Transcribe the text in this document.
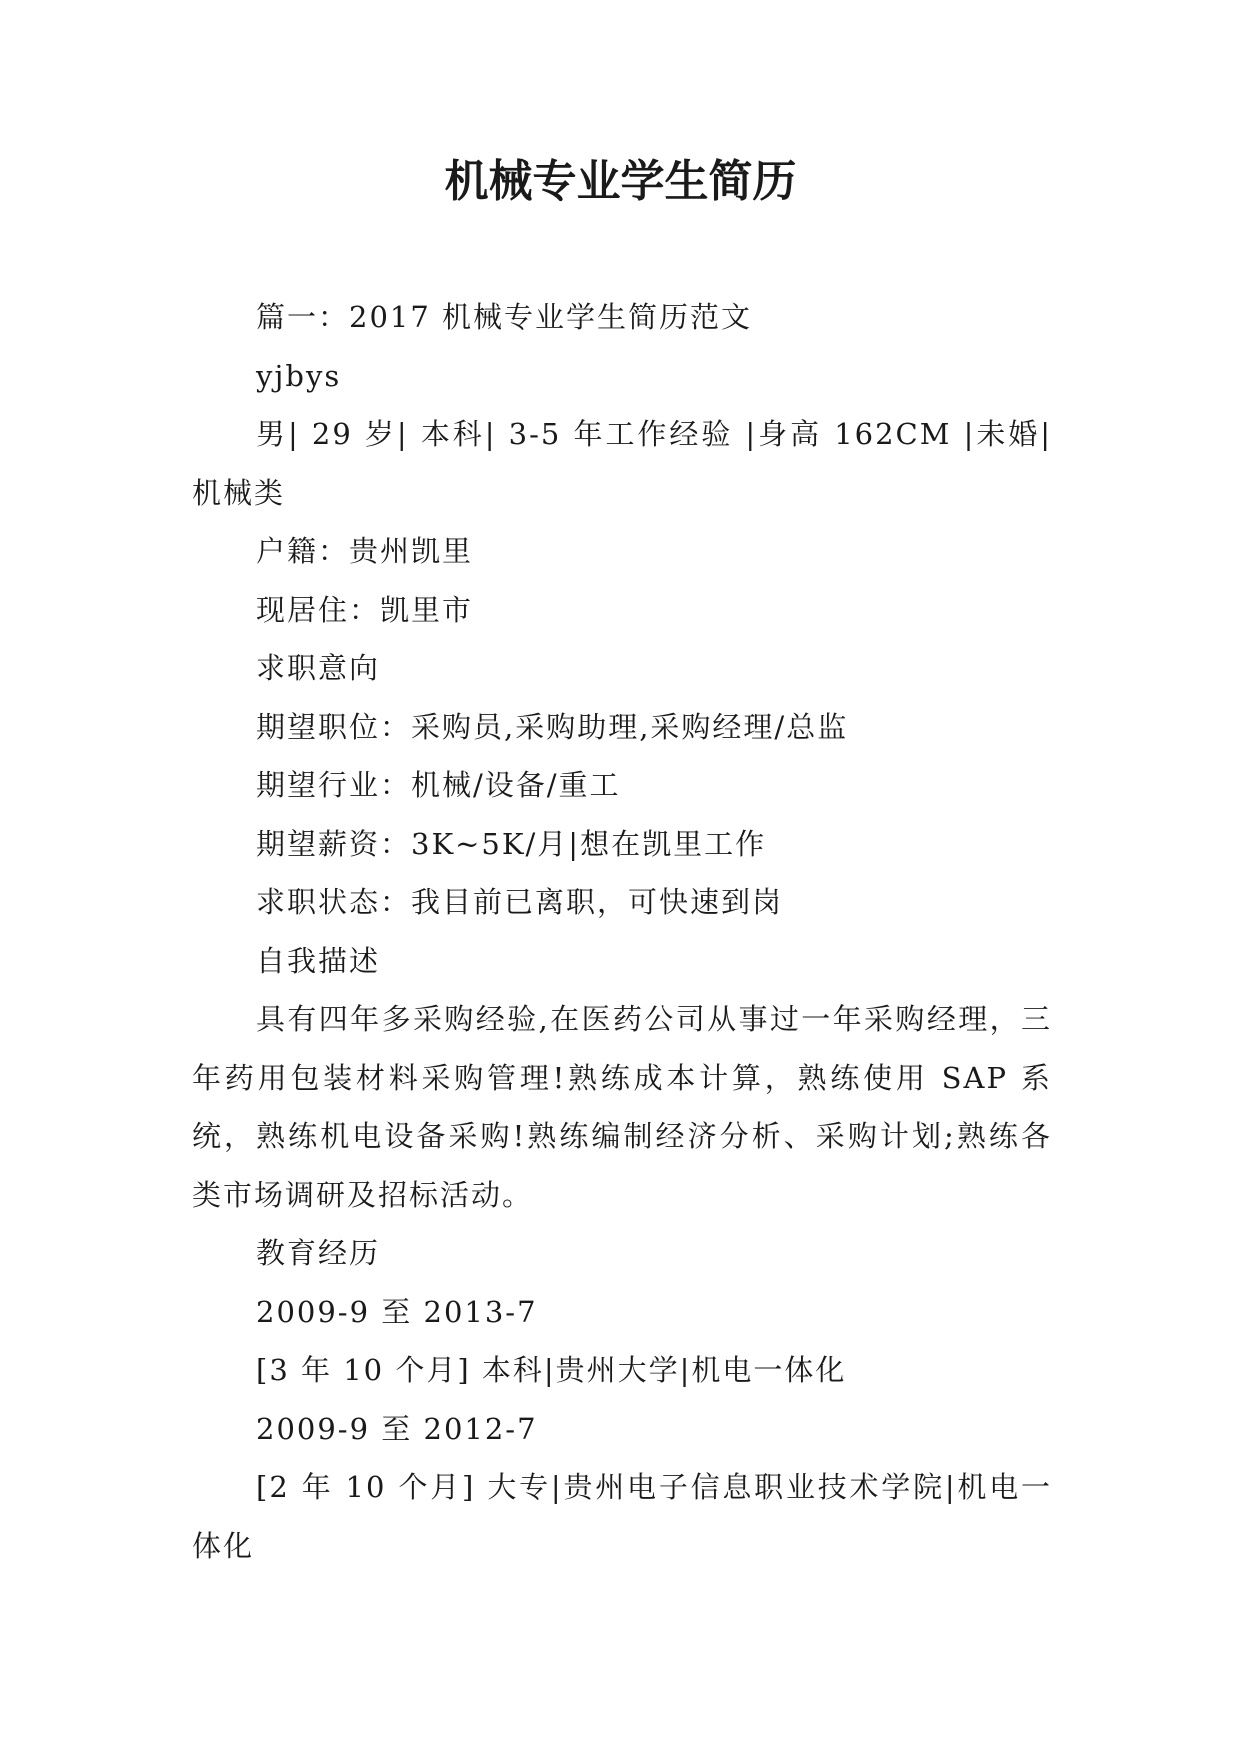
机械专业学生简历

篇一：2017 机械专业学生简历范文

yjbys

男| 29 岁| 本科| 3-5 年工作经验 |身高 162CM |未婚|机械类

户籍：贵州凯里

现居住：凯里市

求职意向

期望职位：采购员,采购助理,采购经理/总监

期望行业：机械/设备/重工

期望薪资：3K~5K/月|想在凯里工作

求职状态：我目前已离职，可快速到岗

自我描述

具有四年多采购经验,在医药公司从事过一年采购经理，三年药用包装材料采购管理!熟练成本计算，熟练使用 SAP 系统，熟练机电设备采购!熟练编制经济分析、采购计划;熟练各类市场调研及招标活动。

教育经历

2009-9 至 2013-7

[3 年 10 个月] 本科|贵州大学|机电一体化

2009-9 至 2012-7

[2 年 10 个月] 大专|贵州电子信息职业技术学院|机电一体化
